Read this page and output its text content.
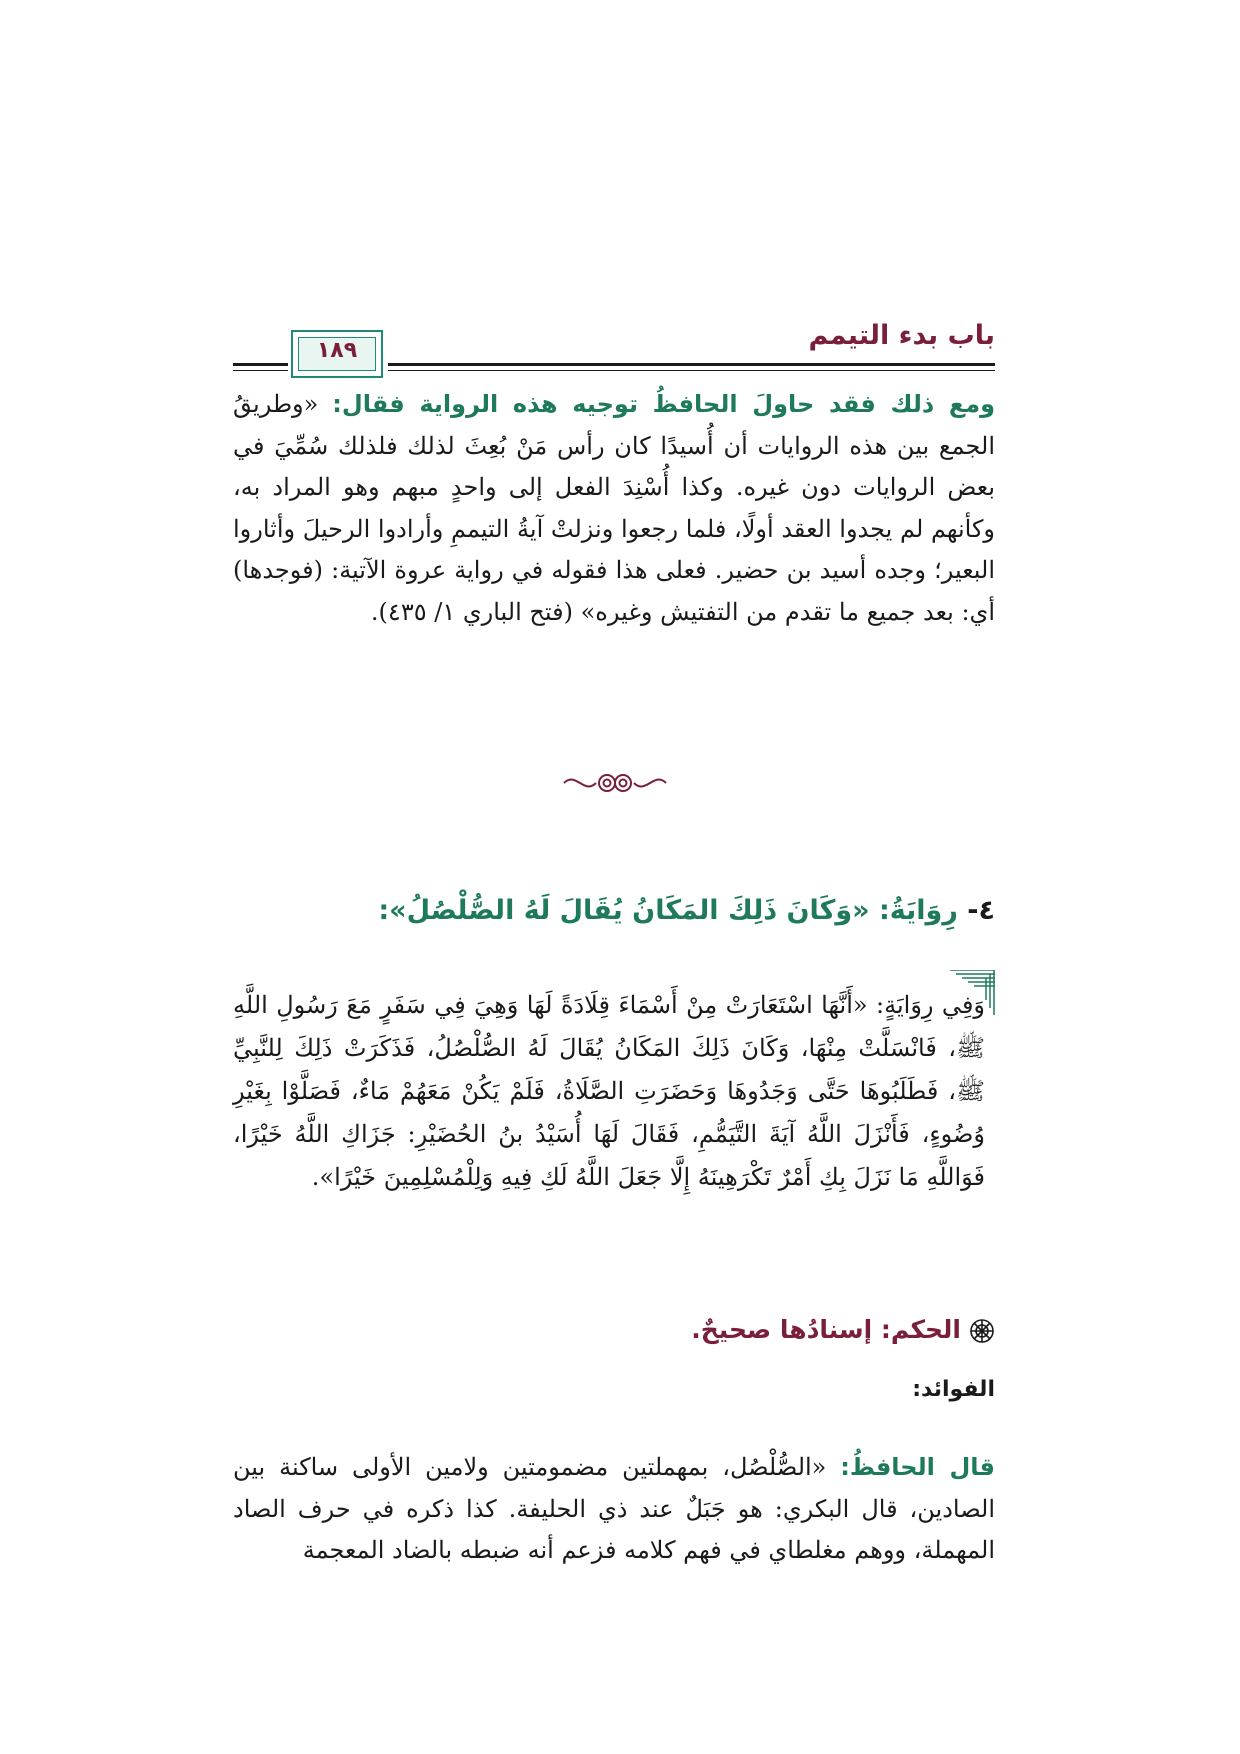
باب بدء التيمم
١٨٩
ومع ذلك فقد حاولَ الحافظُ توجيه هذه الرواية فقال: «وطريقُ الجمع بين هذه الروايات أن أُسيدًا كان رأس مَنْ بُعِثَ لذلك فلذلك سُمِّيَ في بعض الروايات دون غيره. وكذا أُسْنِدَ الفعل إلى واحدٍ مبهم وهو المراد به، وكأنهم لم يجدوا العقد أولًا، فلما رجعوا ونزلتْ آيةُ التيممِ وأرادوا الرحيلَ وأثاروا البعير؛ وجده أسيد بن حضير. فعلى هذا فقوله في رواية عروة الآتية: (فوجدها) أي: بعد جميع ما تقدم من التفتيش وغيره» (فتح الباري ١/ ٤٣٥).
٤- رِوَايَةُ: «وَكَانَ ذَلِكَ المَكَانُ يُقَالَ لَهُ الصُّلْصُلُ»:
وَفِي رِوَايَةٍ: «أَنَّهَا اسْتَعَارَتْ مِنْ أَسْمَاءَ قِلَادَةً لَهَا وَهِيَ فِي سَفَرٍ مَعَ رَسُولِ اللَّهِ ﷺ، فَانْسَلَّتْ مِنْهَا، وَكَانَ ذَلِكَ المَكَانُ يُقَالَ لَهُ الصُّلْصُلُ، فَذَكَرَتْ ذَلِكَ لِلنَّبِيِّ ﷺ، فَطَلَبُوهَا حَتَّى وَجَدُوهَا وَحَضَرَتِ الصَّلَاةُ، فَلَمْ يَكُنْ مَعَهُمْ مَاءٌ، فَصَلَّوْا بِغَيْرِ وُضُوءٍ، فَأَنْزَلَ اللَّهُ آيَةَ التَّيَمُّمِ، فَقَالَ لَهَا أُسَيْدُ بنُ الحُضَيْرِ: جَزَاكِ اللَّهُ خَيْرًا، فَوَاللَّهِ مَا نَزَلَ بِكِ أَمْرٌ تَكْرَهِينَهُ إِلَّا جَعَلَ اللَّهُ لَكِ فِيهِ وَلِلْمُسْلِمِينَ خَيْرًا».
الحكم: إسنادُها صحيحٌ.
الفوائد:
قال الحافظُ: «الصُّلْصُل، بمهملتين مضمومتين ولامين الأولى ساكنة بين الصادين، قال البكري: هو جَبَلٌ عند ذي الحليفة. كذا ذكره في حرف الصاد المهملة، ووهم مغلطاي في فهم كلامه فزعم أنه ضبطه بالضاد المعجمة
